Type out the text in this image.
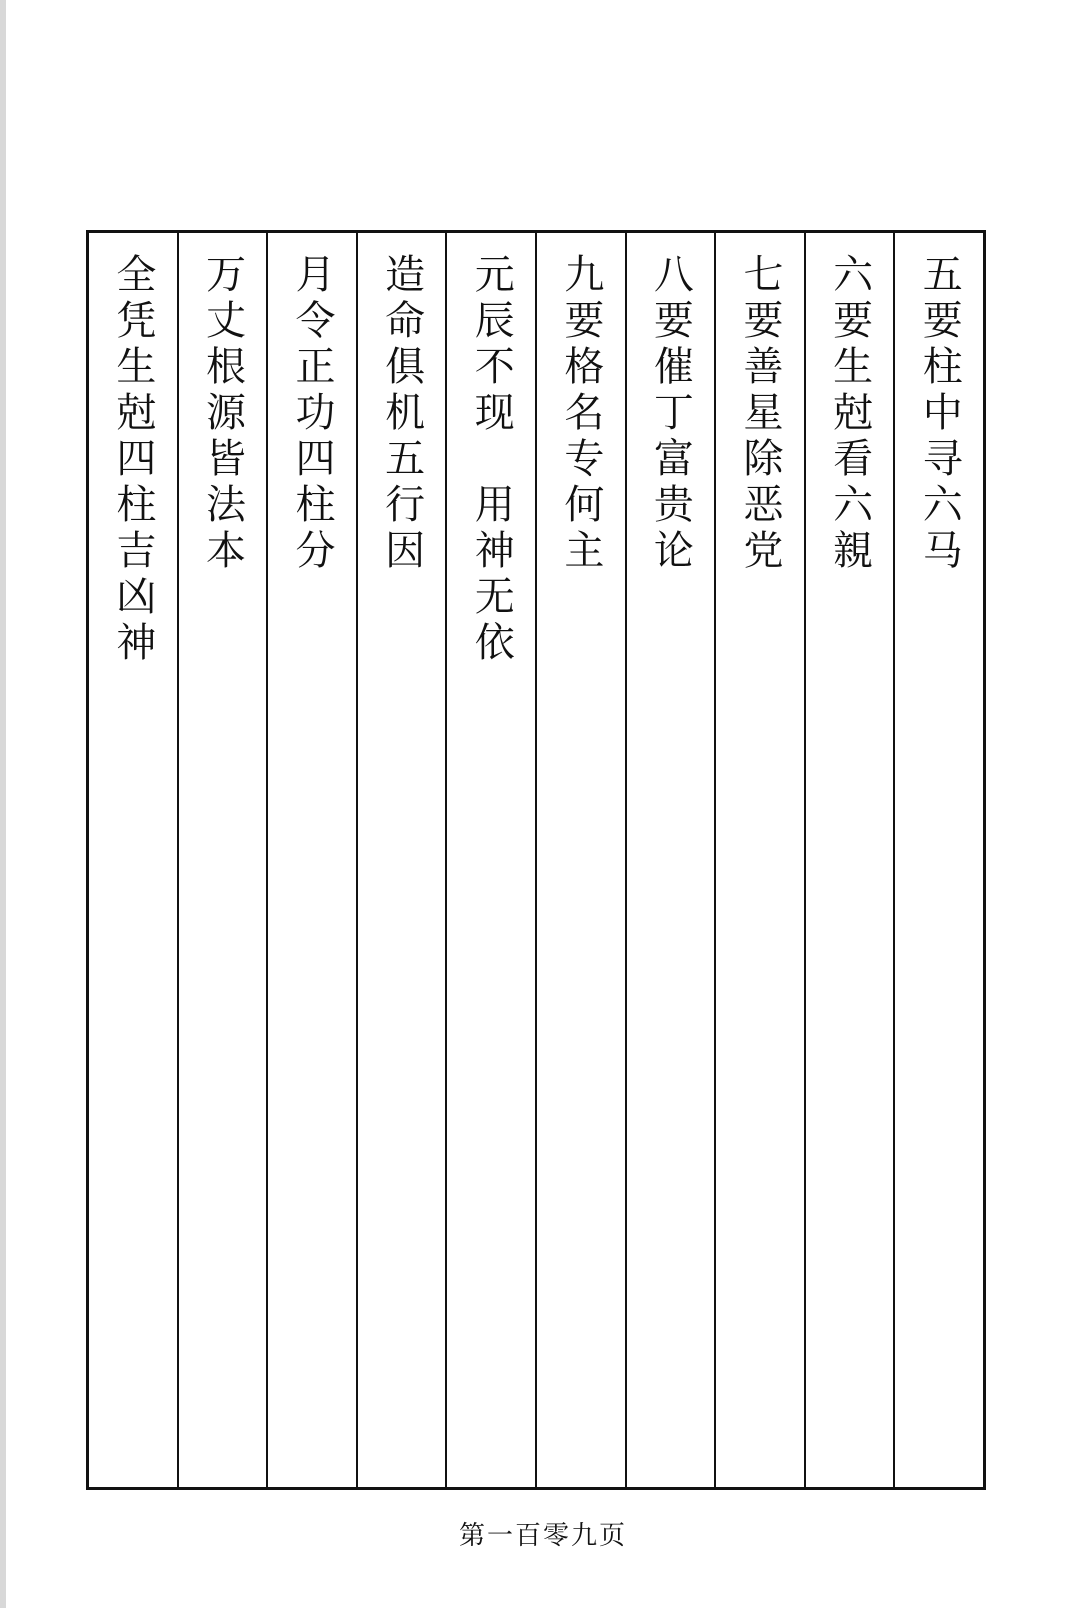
五要柱中寻六马
六要生尅看六親
七要善星除恶党
八要催丁富贵论
九要格名专何主
元辰不现　用神无依
造命俱机五行因
月令正功四柱分
万丈根源皆法本
全凭生尅四柱吉凶神
第一百零九页
